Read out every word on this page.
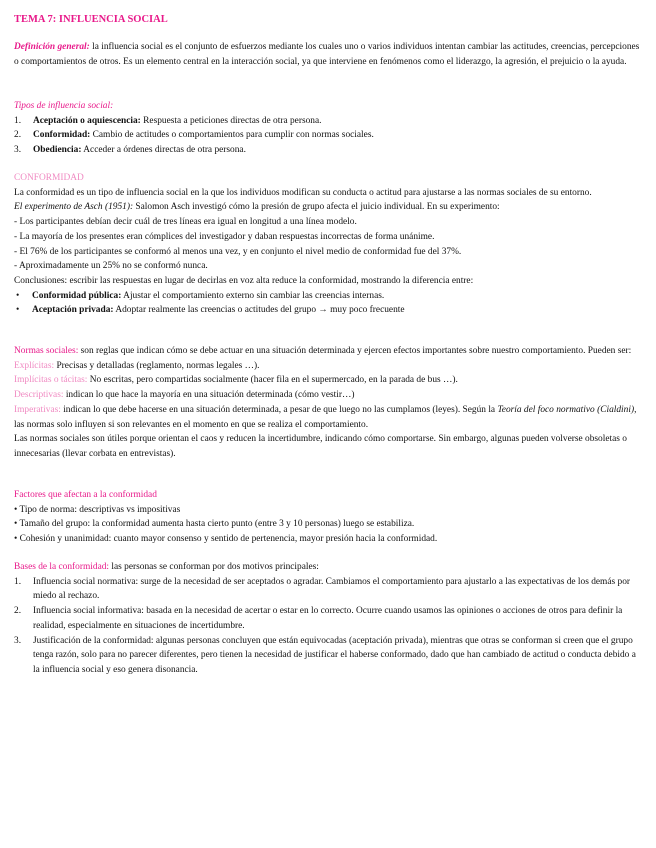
TEMA 7: INFLUENCIA SOCIAL

Definición general: la influencia social es el conjunto de esfuerzos mediante los cuales uno o varios individuos intentan cambiar las actitudes, creencias, percepciones o comportamientos de otros. Es un elemento central en la interacción social, ya que interviene en fenómenos como el liderazgo, la agresión, el prejuicio o la ayuda.

Tipos de influencia social:
1. Aceptación o aquiescencia: Respuesta a peticiones directas de otra persona.
2. Conformidad: Cambio de actitudes o comportamientos para cumplir con normas sociales.
3. Obediencia: Acceder a órdenes directas de otra persona.
CONFORMIDAD

La conformidad es un tipo de influencia social en la que los individuos modifican su conducta o actitud para ajustarse a las normas sociales de su entorno.

El experimento de Asch (1951): Salomon Asch investigó cómo la presión de grupo afecta el juicio individual. En su experimento:

- Los participantes debían decir cuál de tres líneas era igual en longitud a una línea modelo.
- La mayoría de los presentes eran cómplices del investigador y daban respuestas incorrectas de forma unánime.
- El 76% de los participantes se conformó al menos una vez, y en conjunto el nivel medio de conformidad fue del 37%.
- Aproximadamente un 25% no se conformó nunca.
Conclusiones: escribir las respuestas en lugar de decirlas en voz alta reduce la conformidad, mostrando la diferencia entre:
• Conformidad pública: Ajustar el comportamiento externo sin cambiar las creencias internas.
• Aceptación privada: Adoptar realmente las creencias o actitudes del grupo → muy poco frecuente

Normas sociales: son reglas que indican cómo se debe actuar en una situación determinada y ejercen efectos importantes sobre nuestro comportamiento. Pueden ser:

Explícitas: Precisas y detalladas (reglamento, normas legales …).
Implícitas o tácitas: No escritas, pero compartidas socialmente (hacer fila en el supermercado, en la parada de bus …).
Descriptivas: indican lo que hace la mayoría en una situación determinada (cómo vestir…)

Imperativas: indican lo que debe hacerse en una situación determinada, a pesar de que luego no las cumplamos (leyes). Según la Teoría del foco normativo (Cialdini), las normas solo influyen si son relevantes en el momento en que se realiza el comportamiento.

Las normas sociales son útiles porque orientan el caos y reducen la incertidumbre, indicando cómo comportarse. Sin embargo, algunas pueden volverse obsoletas o innecesarias (llevar corbata en entrevistas).

Factores que afectan a la conformidad
• Tipo de norma: descriptivas vs impositivas
• Tamaño del grupo: la conformidad aumenta hasta cierto punto (entre 3 y 10 personas) luego se estabiliza.
• Cohesión y unanimidad: cuanto mayor consenso y sentido de pertenencia, mayor presión hacia la conformidad.

Bases de la conformidad: las personas se conforman por dos motivos principales:

1. Influencia social normativa: surge de la necesidad de ser aceptados o agradar. Cambiamos el comportamiento para ajustarlo a las expectativas de los demás por miedo al rechazo.
2. Influencia social informativa: basada en la necesidad de acertar o estar en lo correcto. Ocurre cuando usamos las opiniones o acciones de otros para definir la realidad, especialmente en situaciones de incertidumbre.
3. Justificación de la conformidad: algunas personas concluyen que están equivocadas (aceptación privada), mientras que otras se conforman si creen que el grupo tenga razón, solo para no parecer diferentes, pero tienen la necesidad de justificar el haberse conformado, dado que han cambiado de actitud o conducta debido a la influencia social y eso genera disonancia.
